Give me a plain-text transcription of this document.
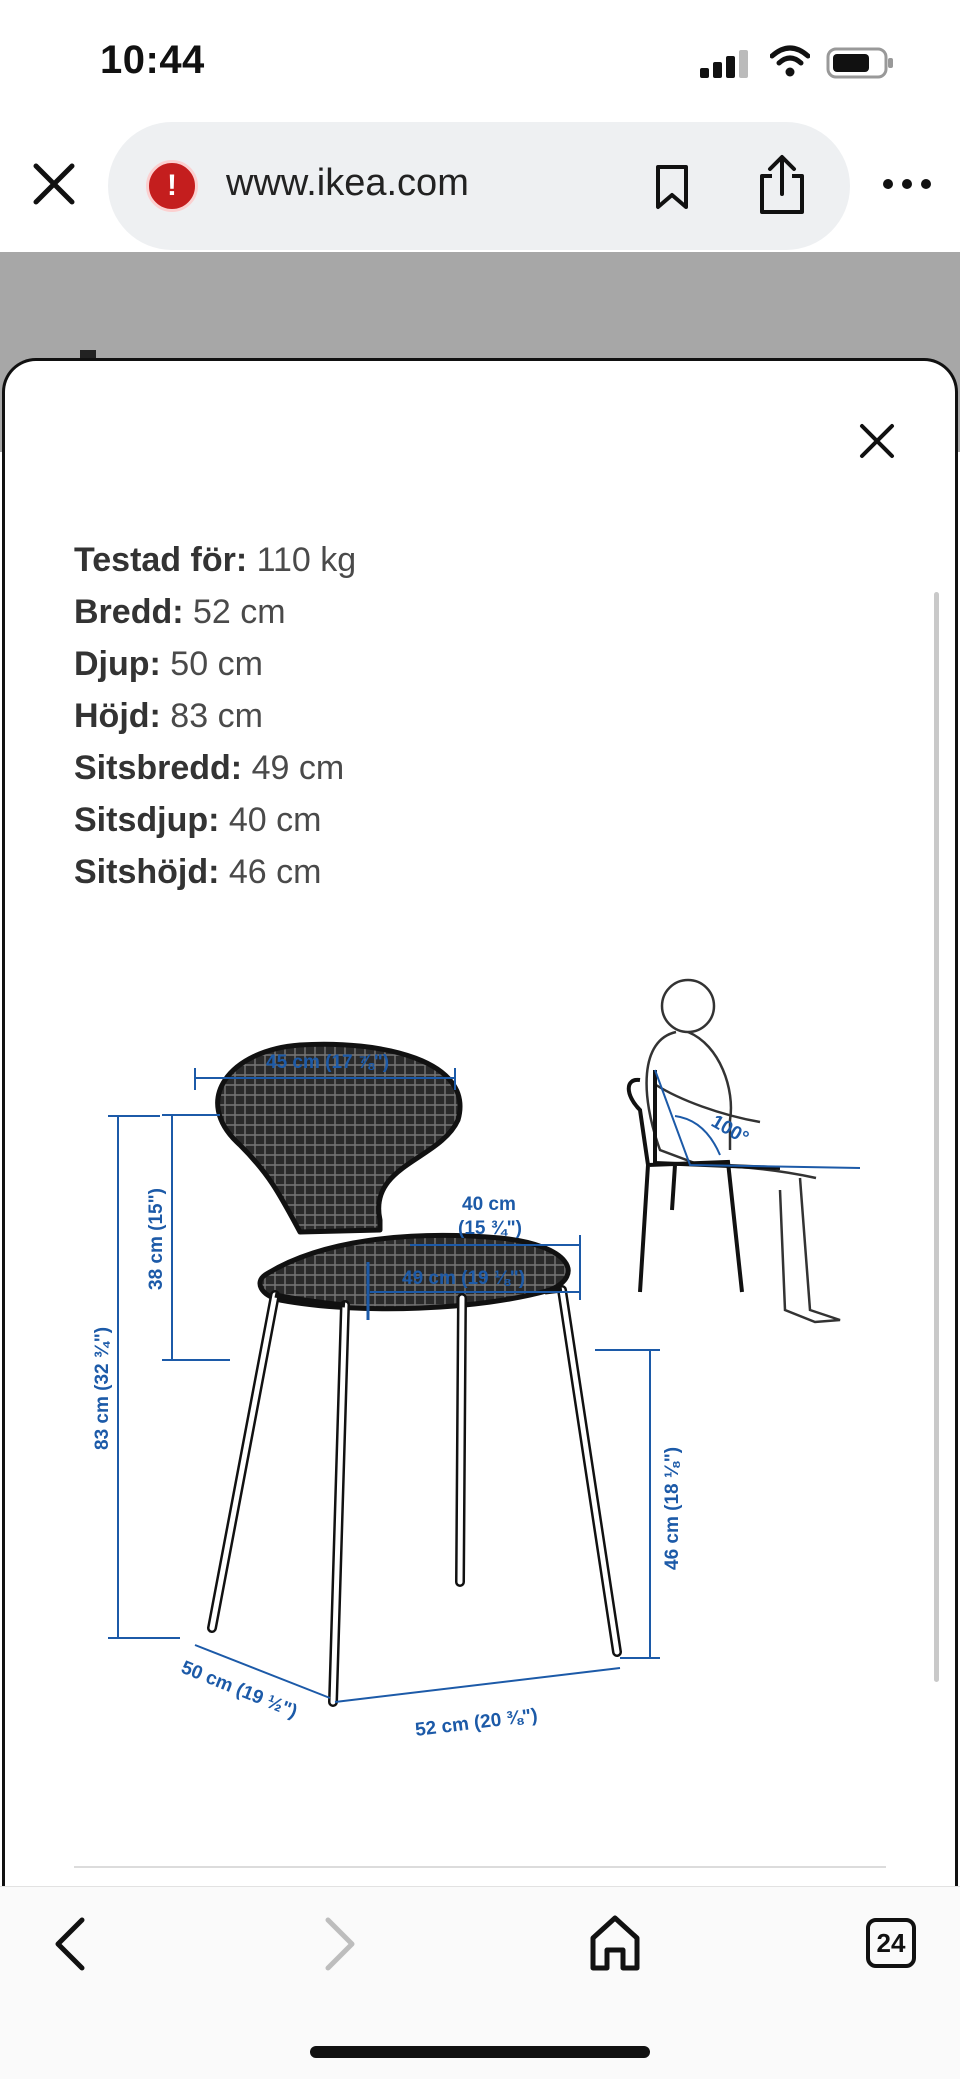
10:44
!	www.ikea.com
Testad för: 110 kg
Bredd: 52 cm
Djup: 50 cm
Höjd: 83 cm
Sitsbredd: 49 cm
Sitsdjup: 40 cm
Sitshöjd: 46 cm
100°
45 cm (17 ⅞")
38 cm (15")
83 cm (32 ¾")
40 cm
(15 ¾")
49 cm (19 ⅛")
46 cm (18 ⅛")
50 cm (19 ½")
52 cm (20 ⅜")
24
